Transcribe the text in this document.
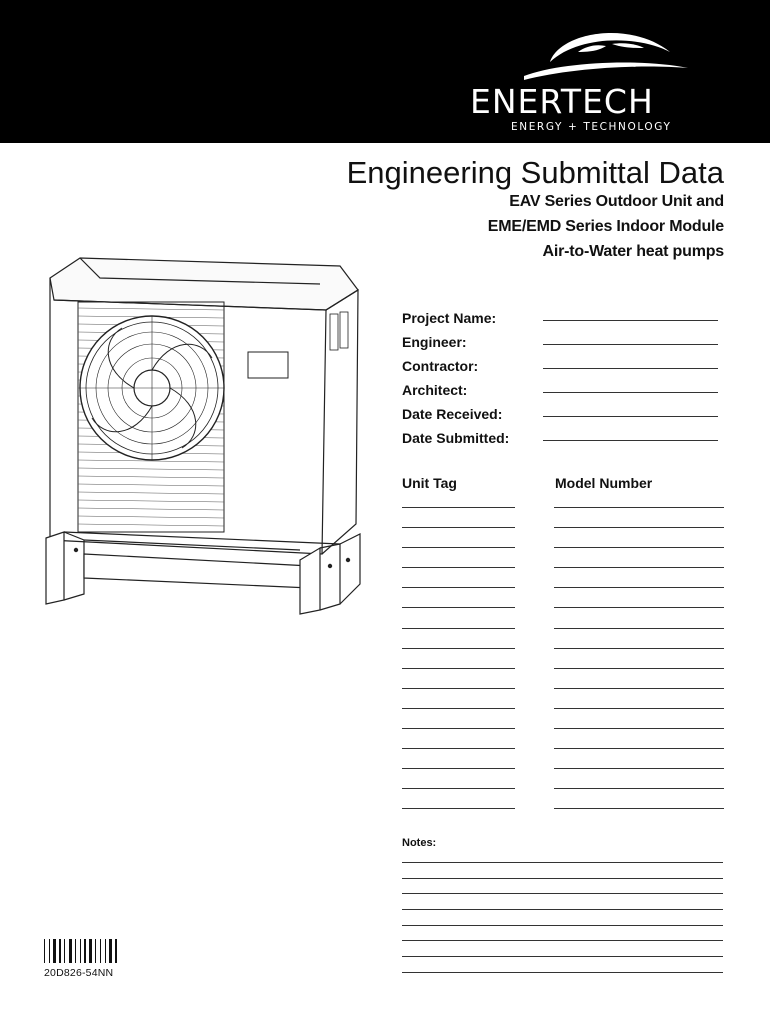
ENERTECH
ENERGY + TECHNOLOGY
Engineering Submittal Data
EAV Series Outdoor Unit and
EME/EMD Series Indoor Module
Air-to-Water heat pumps
Project Name:
Engineer:
Contractor:
Architect:
Date Received:
Date Submitted:
Unit Tag	Model Number
Notes:
20D826-54NN
